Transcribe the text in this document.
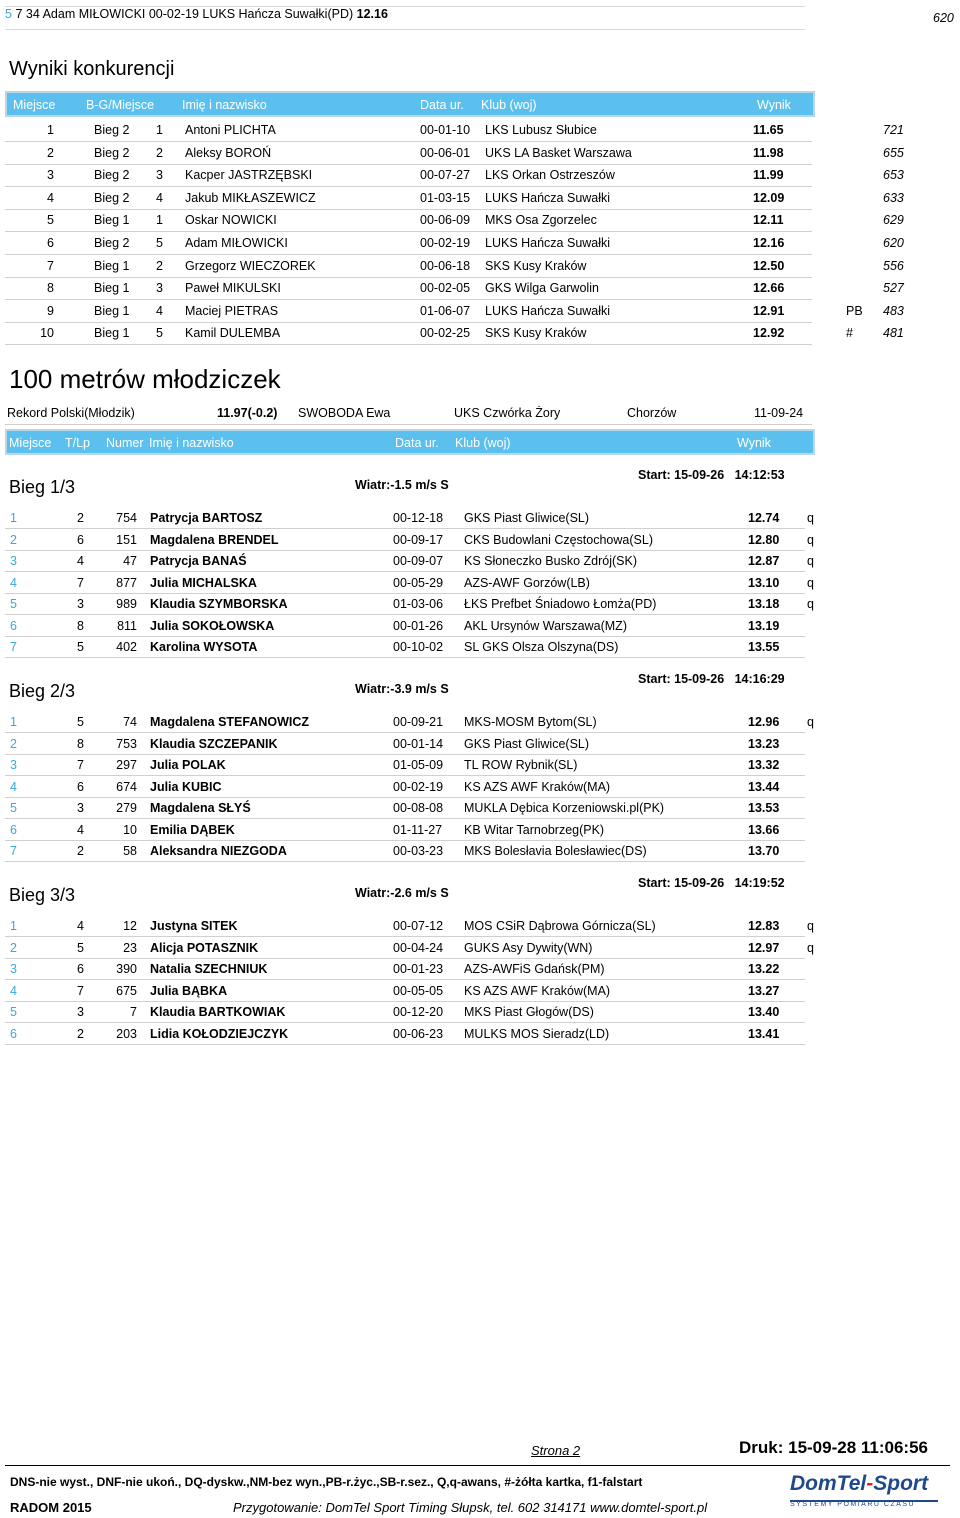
5 7 34 Adam MIŁOWICKI 00-02-19 LUKS Hańcza Suwałki(PD) 12.16	620
Wyniki konkurencji
Miejsce B-G/Miejsce Imię i nazwisko	Data ur. Klub (woj)	Wynik
1	Bieg 2 1 Antoni PLICHTA	00-01-10 LKS Lubusz Słubice	11.65	721
2	Bieg 2 2 Aleksy BOROŃ	00-06-01 UKS LA Basket Warszawa	11.98	655
3	Bieg 2 3 Kacper JASTRZĘBSKI	00-07-27 LKS Orkan Ostrzeszów	11.99	653
4	Bieg 2 4 Jakub MIKŁASZEWICZ	01-03-15 LUKS Hańcza Suwałki	12.09	633
5	Bieg 1 1 Oskar NOWICKI	00-06-09 MKS Osa Zgorzelec	12.11	629
6	Bieg 2 5 Adam MIŁOWICKI	00-02-19 LUKS Hańcza Suwałki	12.16	620
7	Bieg 1 2 Grzegorz WIECZOREK	00-06-18 SKS Kusy Kraków	12.50	556
8	Bieg 1 3 Paweł MIKULSKI	00-02-05 GKS Wilga Garwolin	12.66	527
9	Bieg 1 4 Maciej PIETRAS	01-06-07 LUKS Hańcza Suwałki	12.91	PB 483
10	Bieg 1 5 Kamil DULEMBA	00-02-25 SKS Kusy Kraków	12.92	# 481
100 metrów młodziczek
Rekord Polski(Młodzik)	11.97(-0.2) SWOBODA Ewa	UKS Czwórka Żory	Chorzów	11-09-24
Miejsce T/Lp Numer Imię i nazwisko	Data ur. Klub (woj)	Wynik
Bieg 1/3	Wiatr:-1.5 m/s S
Start: 15-09-26   14:12:53
1	2	754 Patrycja BARTOSZ	00-12-18 GKS Piast Gliwice(SL)	12.74 q
2	6	151 Magdalena BRENDEL	00-09-17 CKS Budowlani Częstochowa(SL)	12.80 q
3	4	47 Patrycja BANAŚ	00-09-07 KS Słoneczko Busko Zdrój(SK)	12.87 q
4	7	877 Julia MICHALSKA	00-05-29 AZS-AWF Gorzów(LB)	13.10 q
5	3	989 Klaudia SZYMBORSKA	01-03-06 ŁKS Prefbet Śniadowo Łomża(PD)	13.18 q
6	8	811 Julia SOKOŁOWSKA	00-01-26 AKL Ursynów Warszawa(MZ)	13.19
7	5	402 Karolina WYSOTA	00-10-02 SL GKS Olsza Olszyna(DS)	13.55
Bieg 2/3	Wiatr:-3.9 m/s S
Start: 15-09-26   14:16:29
1	5	74 Magdalena STEFANOWICZ	00-09-21 MKS-MOSM Bytom(SL)	12.96 q
2	8	753 Klaudia SZCZEPANIK	00-01-14 GKS Piast Gliwice(SL)	13.23
3	7	297 Julia POLAK	01-05-09 TL ROW Rybnik(SL)	13.32
4	6	674 Julia KUBIC	00-02-19 KS AZS AWF Kraków(MA)	13.44
5	3	279 Magdalena SŁYŚ	00-08-08 MUKLA Dębica Korzeniowski.pl(PK)	13.53
6	4	10 Emilia DĄBEK	01-11-27 KB Witar Tarnobrzeg(PK)	13.66
7	2	58 Aleksandra NIEZGODA	00-03-23 MKS Bolesłavia Bolesławiec(DS)	13.70
Bieg 3/3	Wiatr:-2.6 m/s S
Start: 15-09-26   14:19:52
1	4	12 Justyna SITEK	00-07-12 MOS CSiR Dąbrowa Górnicza(SL)	12.83 q
2	5	23 Alicja POTASZNIK	00-04-24 GUKS Asy Dywity(WN)	12.97 q
3	6	390 Natalia SZECHNIUK	00-01-23 AZS-AWFiS Gdańsk(PM)	13.22
4	7	675 Julia BĄBKA	00-05-05 KS AZS AWF Kraków(MA)	13.27
5	3	7 Klaudia BARTKOWIAK	00-12-20 MKS Piast Głogów(DS)	13.40
6	2	203 Lidia KOŁODZIEJCZYK	00-06-23 MULKS MOS Sieradz(LD)	13.41
Strona 2	Druk: 15-09-28 11:06:56
DNS-nie wyst., DNF-nie ukoń., DQ-dyskw.,NM-bez wyn.,PB-r.życ.,SB-r.sez., Q,q-awans, #-żółta kartka, f1-falstart
RADOM 2015	Przygotowanie: DomTel Sport Timing Słupsk, tel. 602 314171 www.domtel-sport.pl
DomTel-Sport
SYSTEMY POMIARU CZASU
